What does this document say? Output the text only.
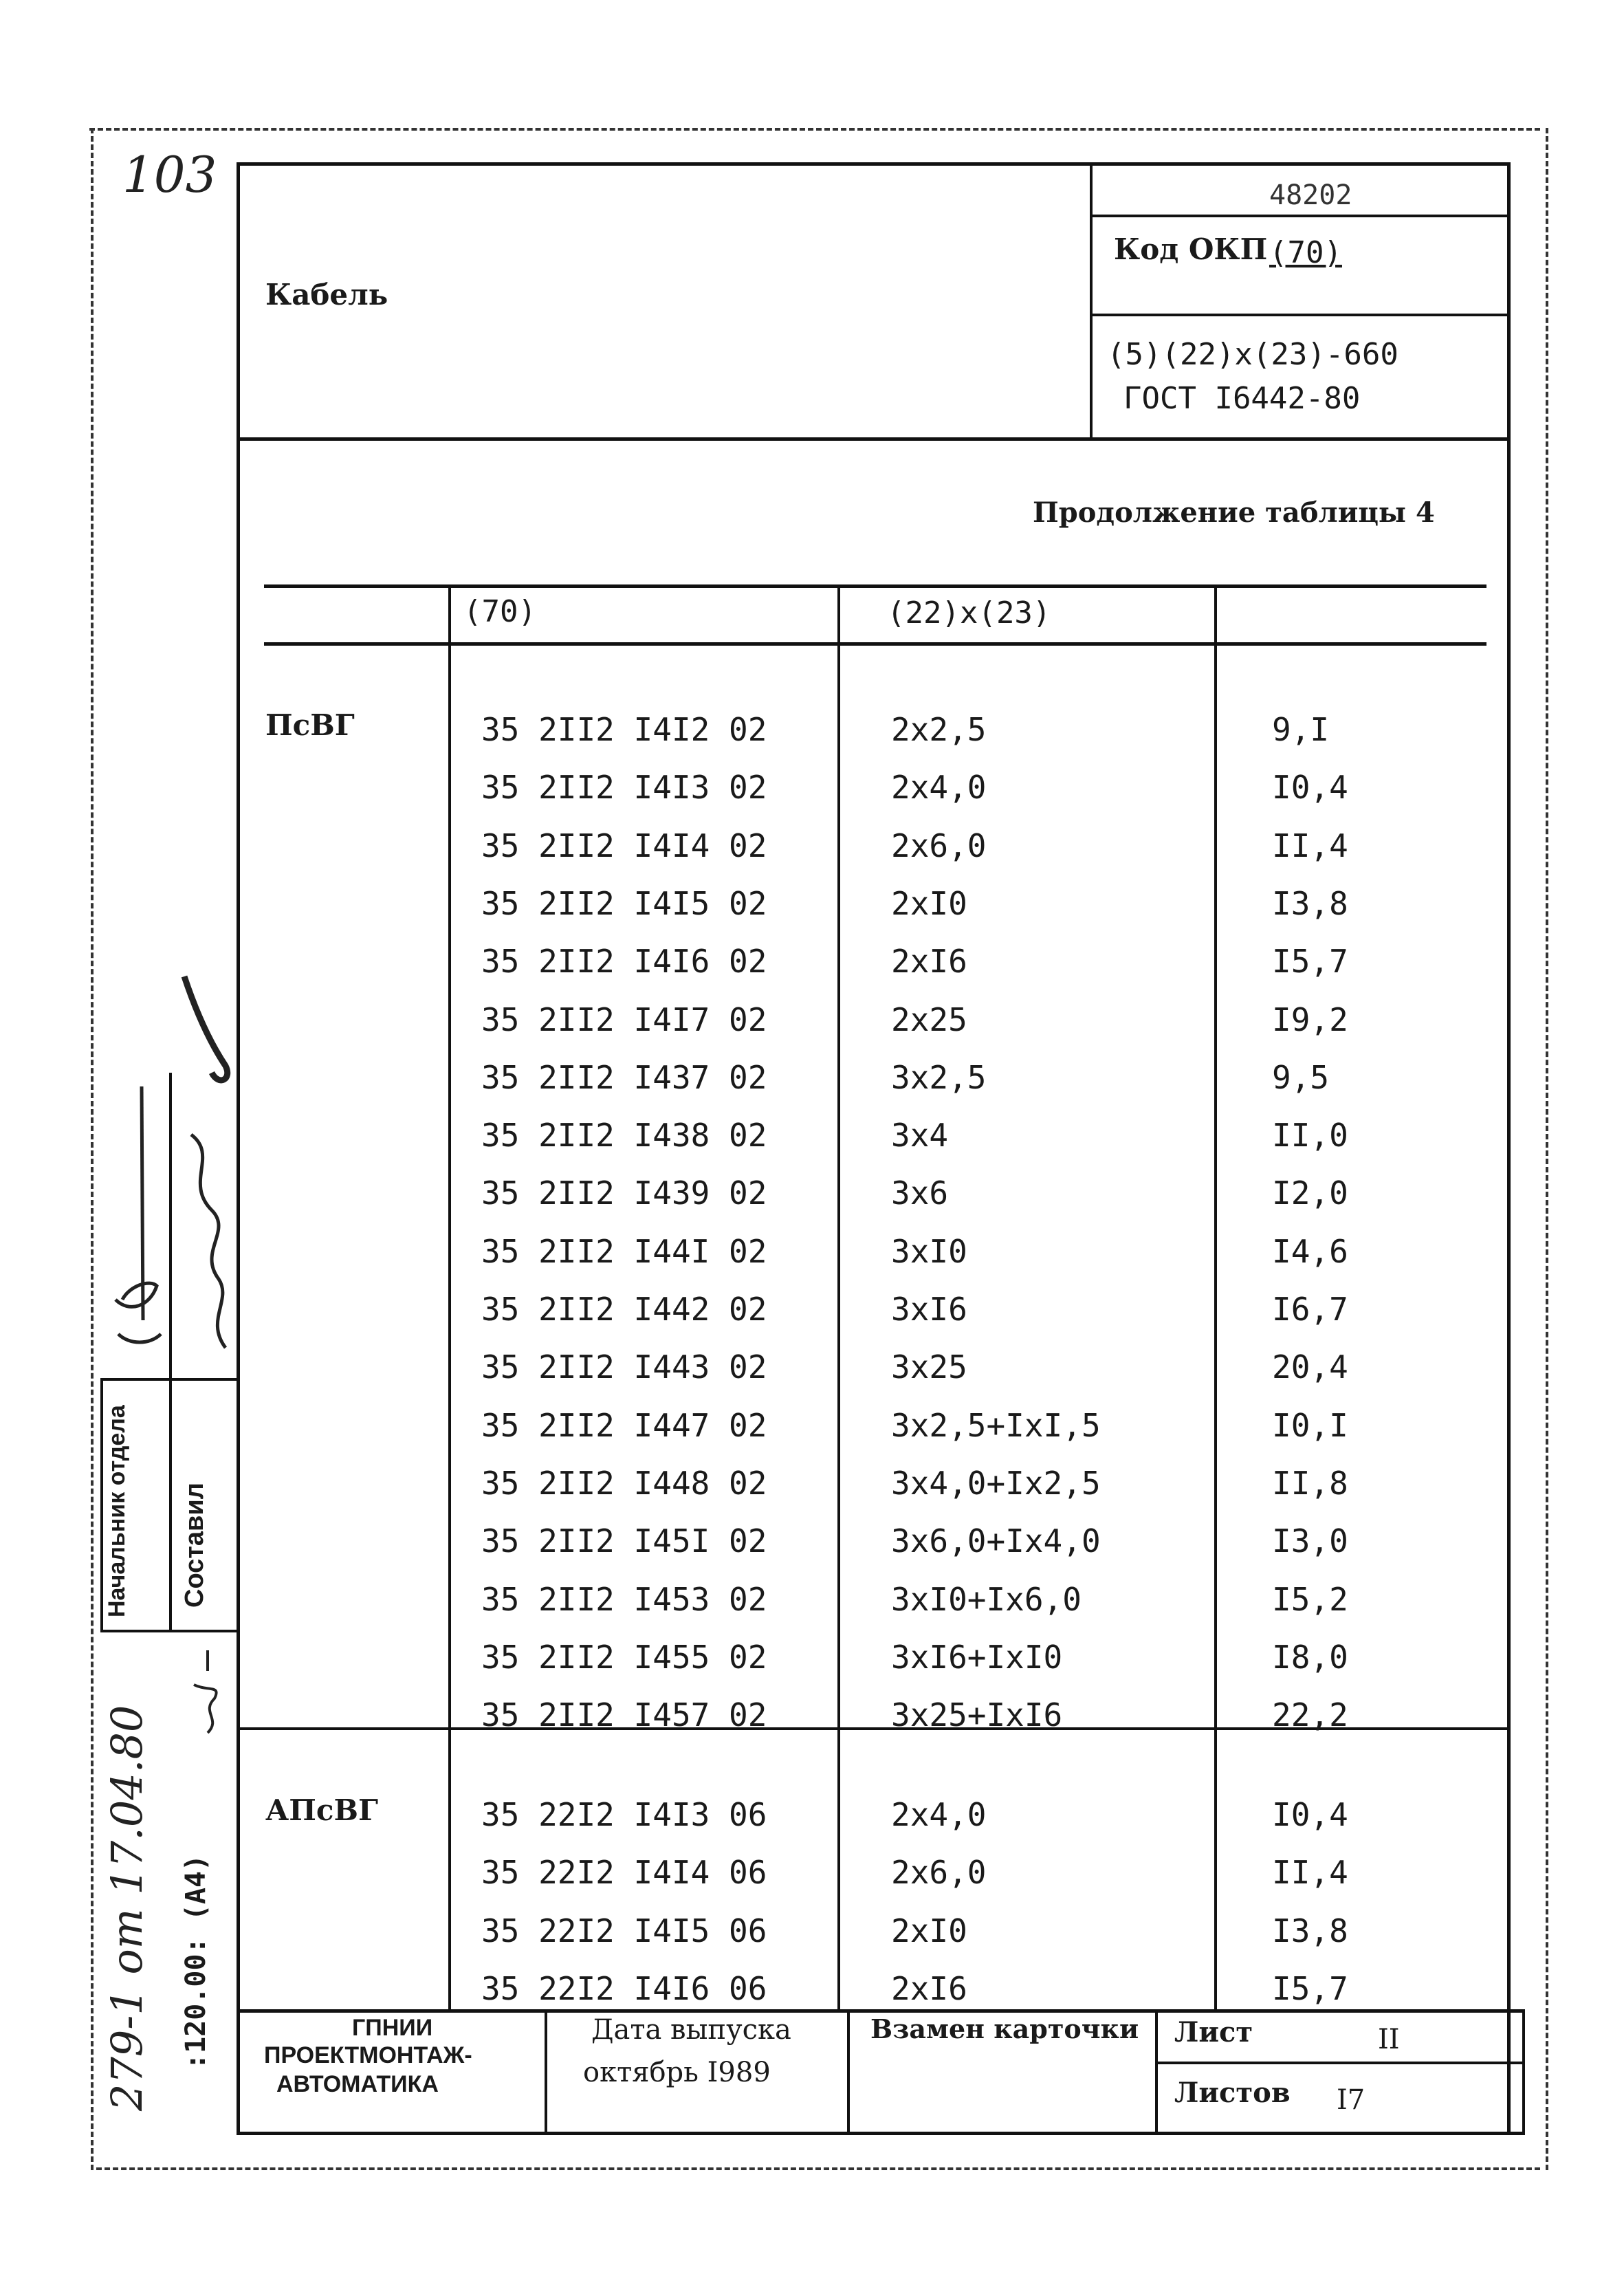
103
Кабель
48202
Код ОКП (70)
(5)(22)x(23)-660
ГОСТ I6442-80
Продолжение таблицы 4
(70)	(22)x(23)
ПсВГ	35 2II2 I4I2 02	2x2,5	9,I
35 2II2 I4I3 02	2x4,0	I0,4
35 2II2 I4I4 02	2x6,0	II,4
35 2II2 I4I5 02	2xI0	I3,8
35 2II2 I4I6 02	2xI6	I5,7
35 2II2 I4I7 02	2x25	I9,2
35 2II2 I437 02	3x2,5	9,5
35 2II2 I438 02	3x4	II,0
35 2II2 I439 02	3x6	I2,0
35 2II2 I44I 02	3xI0	I4,6
35 2II2 I442 02	3xI6	I6,7
35 2II2 I443 02	3x25	20,4
35 2II2 I447 02	3x2,5+IxI,5	I0,I
35 2II2 I448 02	3x4,0+Ix2,5	II,8
35 2II2 I45I 02	3x6,0+Ix4,0	I3,0
35 2II2 I453 02	3xI0+Ix6,0	I5,2
35 2II2 I455 02	3xI6+IxI0	I8,0
35 2II2 I457 02	3x25+IxI6	22,2
АПсВГ	35 22I2 I4I3 06	2x4,0	I0,4
35 22I2 I4I4 06	2x6,0	II,4
35 22I2 I4I5 06	2xI0	I3,8
35 22I2 I4I6 06	2xI6	I5,7
ГПНИИ
ПРОЕКТМОНТАЖ-
АВТОМАТИКА
Дата выпуска
октябрь I989
Взамен карточки Лист	II
Листов I7
Начальник отдела Составил
279-1 от 17.04.80 :120.00: (A4)
